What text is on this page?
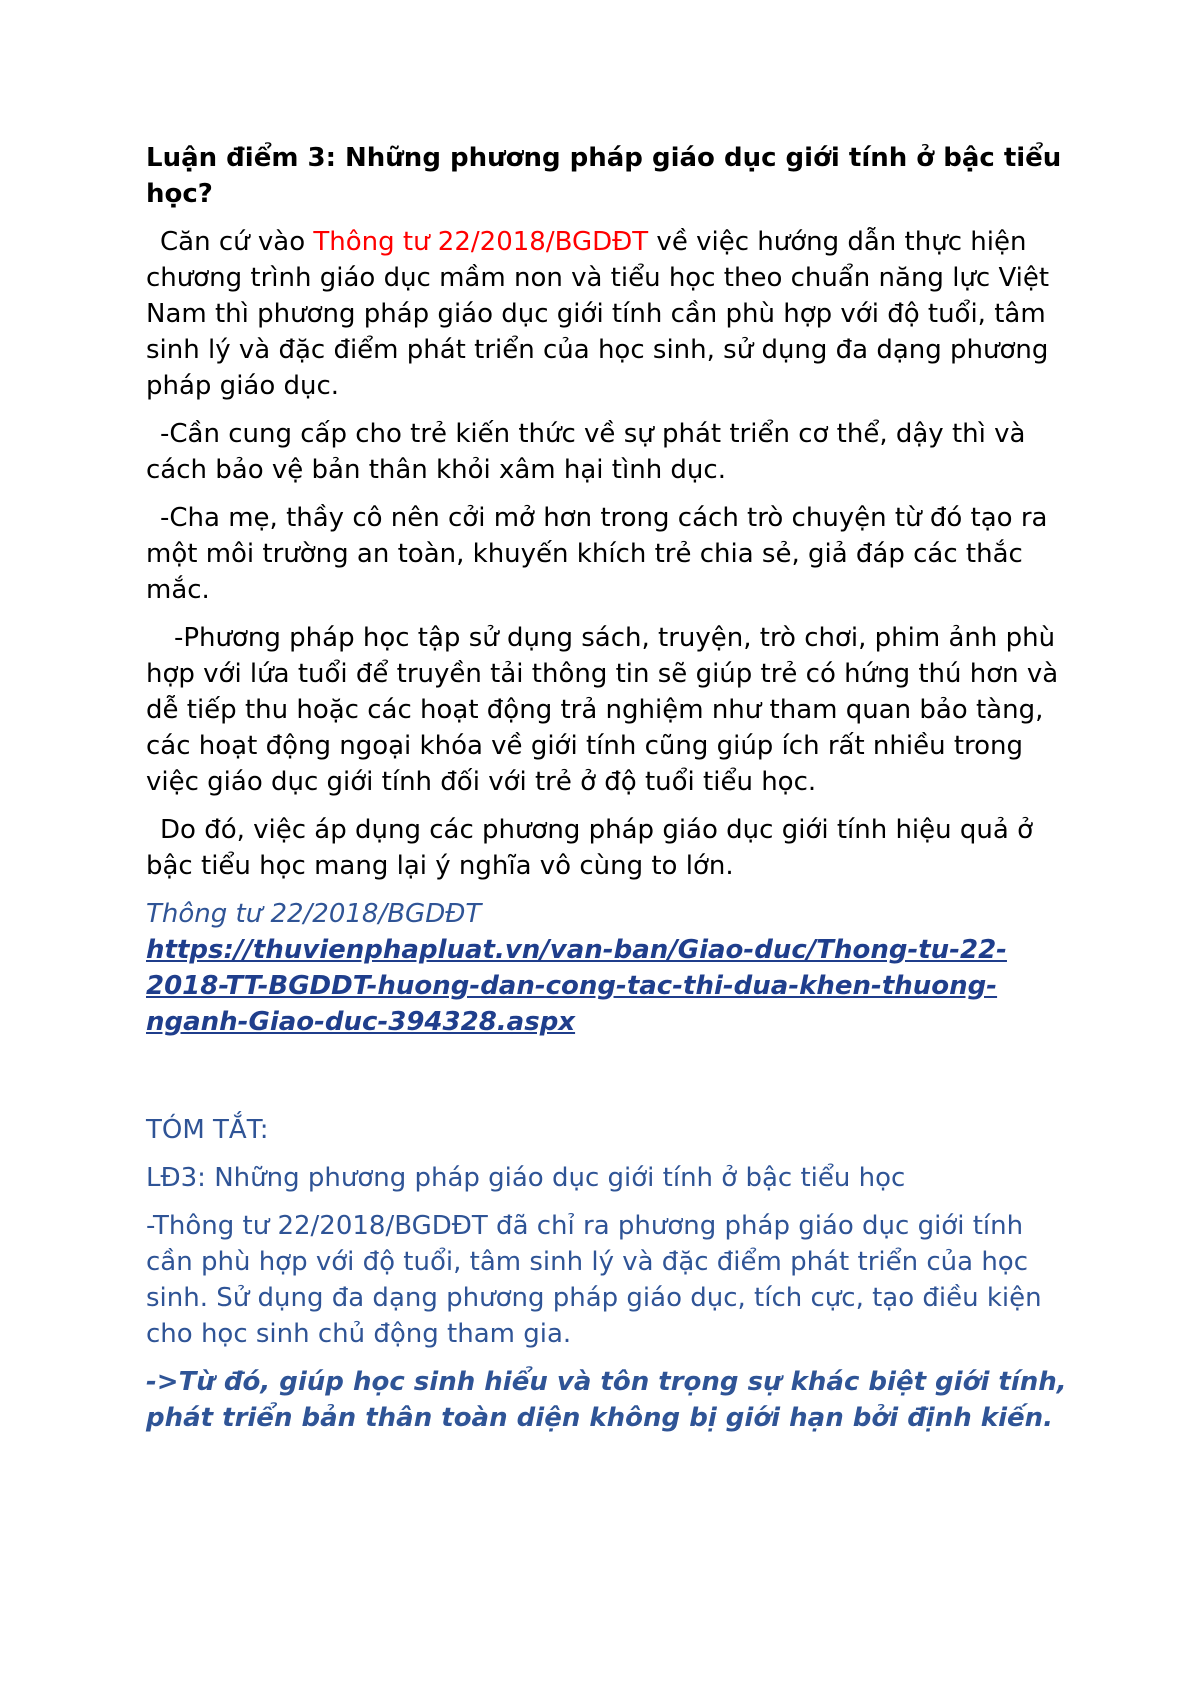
Luận điểm 3: Những phương pháp giáo dục giới tính ở bậc tiểu học?

Căn cứ vào Thông tư 22/2018/BGDĐT về việc hướng dẫn thực hiện chương trình giáo dục mầm non và tiểu học theo chuẩn năng lực Việt Nam thì phương pháp giáo dục giới tính cần phù hợp với độ tuổi, tâm sinh lý và đặc điểm phát triển của học sinh, sử dụng đa dạng phương pháp giáo dục.

-Cần cung cấp cho trẻ kiến thức về sự phát triển cơ thể, dậy thì và cách bảo vệ bản thân khỏi xâm hại tình dục.

-Cha mẹ, thầy cô nên cởi mở hơn trong cách trò chuyện từ đó tạo ra một môi trường an toàn, khuyến khích trẻ chia sẻ, giả đáp các thắc mắc.

-Phương pháp học tập sử dụng sách, truyện, trò chơi, phim ảnh phù hợp với lứa tuổi để truyền tải thông tin sẽ giúp trẻ có hứng thú hơn và dễ tiếp thu hoặc các hoạt động trả nghiệm như tham quan bảo tàng, các hoạt động ngoại khóa về giới tính cũng giúp ích rất nhiều trong việc giáo dục giới tính đối với trẻ ở độ tuổi tiểu học.

Do đó, việc áp dụng các phương pháp giáo dục giới tính hiệu quả ở bậc tiểu học mang lại ý nghĩa vô cùng to lớn.

Thông tư 22/2018/BGDĐT
https://thuvienphapluat.vn/van-ban/Giao-duc/Thong-tu-22-2018-TT-BGDDT-huong-dan-cong-tac-thi-dua-khen-thuong-nganh-Giao-duc-394328.aspx

TÓM TẮT:

LĐ3: Những phương pháp giáo dục giới tính ở bậc tiểu học

-Thông tư 22/2018/BGDĐT đã chỉ ra phương pháp giáo dục giới tính cần phù hợp với độ tuổi, tâm sinh lý và đặc điểm phát triển của học sinh. Sử dụng đa dạng phương pháp giáo dục, tích cực, tạo điều kiện cho học sinh chủ động tham gia.

->Từ đó, giúp học sinh hiểu và tôn trọng sự khác biệt giới tính, phát triển bản thân toàn diện không bị giới hạn bởi định kiến.
